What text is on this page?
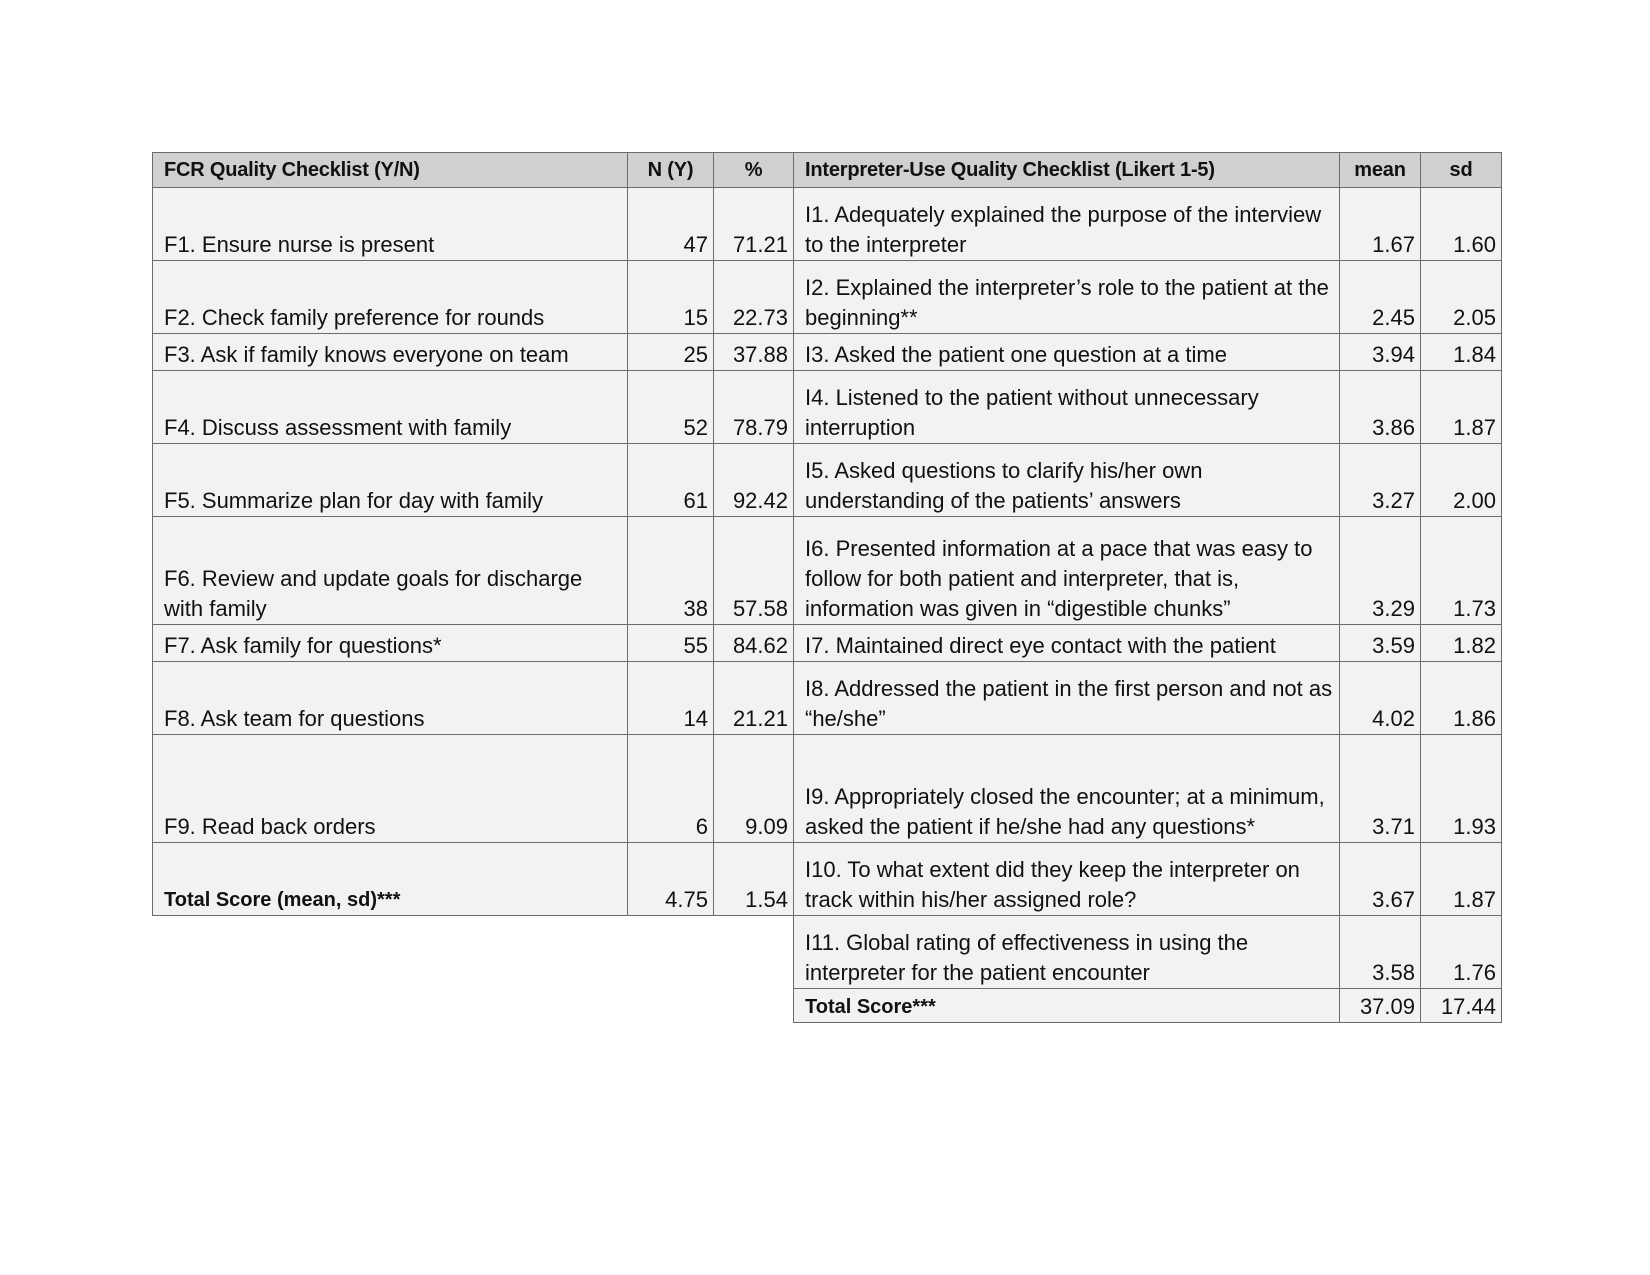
FCR Quality Checklist (Y/N)	N (Y)	%	Interpreter-Use Quality Checklist (Likert 1-5)	mean	sd
F1. Ensure nurse is present	47	71.21	I1. Adequately explained the purpose of the interview to the interpreter	1.67	1.60
F2. Check family preference for rounds	15	22.73	I2. Explained the interpreter’s role to the patient at the beginning**	2.45	2.05
F3. Ask if family knows everyone on team	25	37.88	I3. Asked the patient one question at a time	3.94	1.84
F4. Discuss assessment with family	52	78.79	I4. Listened to the patient without unnecessary interruption	3.86	1.87
F5. Summarize plan for day with family	61	92.42	I5. Asked questions to clarify his/her own understanding of the patients’ answers	3.27	2.00
F6. Review and update goals for discharge with family	38	57.58	I6. Presented information at a pace that was easy to follow for both patient and interpreter, that is, information was given in “digestible chunks”	3.29	1.73
F7. Ask family for questions*	55	84.62	I7. Maintained direct eye contact with the patient	3.59	1.82
F8. Ask team for questions	14	21.21	I8. Addressed the patient in the first person and not as “he/she”	4.02	1.86
F9. Read back orders	6	9.09	I9. Appropriately closed the encounter; at a minimum, asked the patient if he/she had any questions*	3.71	1.93
Total Score (mean, sd)***	4.75	1.54	I10. To what extent did they keep the interpreter on track within his/her assigned role?	3.67	1.87
			I11. Global rating of effectiveness in using the interpreter for the patient encounter	3.58	1.76
			Total Score***	37.09	17.44
